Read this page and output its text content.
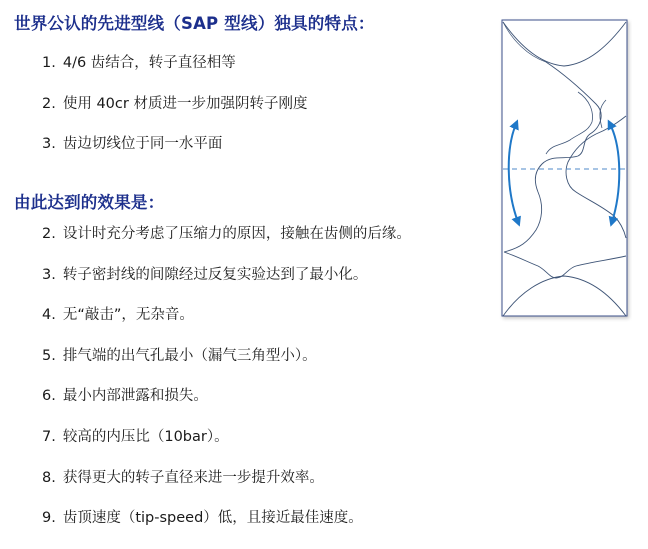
世界公认的先进型线（SAP 型线）独具的特点：
1. 4/6 齿结合，转子直径相等
2. 使用 40cr 材质进一步加强阴转子刚度
3. 齿边切线位于同一水平面
由此达到的效果是：
2. 设计时充分考虑了压缩力的原因，接触在齿侧的后缘。
3. 转子密封线的间隙经过反复实验达到了最小化。
4. 无“敲击”，无杂音。
5. 排气端的出气孔最小（漏气三角型小）。
6. 最小内部泄露和损失。
7. 较高的内压比（10bar）。
8. 获得更大的转子直径来进一步提升效率。
9. 齿顶速度（tip-speed）低，且接近最佳速度。
